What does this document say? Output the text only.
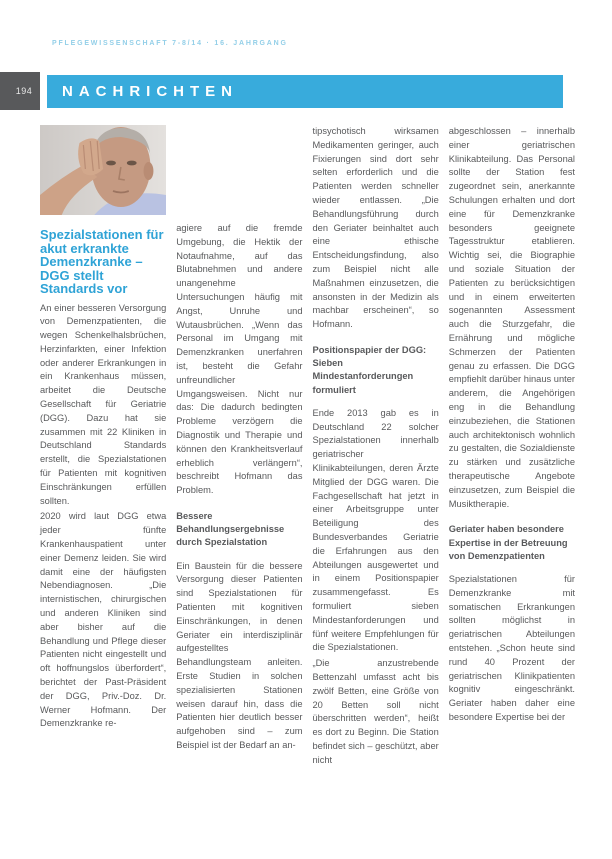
PFLEGEWISSENSCHAFT 7-8/14 · 16. JAHRGANG
194 NACHRICHTEN
Spezialstationen für akut erkrankte Demenzkranke – DGG stellt Standards vor

An einer besseren Versorgung von Demenzpatienten, die wegen Schenkelhalsbrüchen, Herzinfarkten, einer Infektion oder anderer Erkrankungen in ein Krankenhaus müssen, arbeitet die Deutsche Gesellschaft für Geriatrie (DGG). Dazu hat sie zusammen mit 22 Kliniken in Deutschland Standards erstellt, die Spezialstationen für Patienten mit kognitiven Einschränkungen erfüllen sollten.

2020 wird laut DGG etwa jeder fünfte Krankenhauspatient unter einer Demenz leiden. Sie wird damit eine der häufigsten Nebendiagnosen. „Die internistischen, chirurgischen und anderen Kliniken sind aber bisher auf die Behandlung und Pflege dieser Patienten nicht eingestellt und oft hoffnungslos überfordert“, berichtet der Past-Präsident der DGG, Priv.-Doz. Dr. Werner Hofmann. Der Demenzkranke re-

agiere auf die fremde Umgebung, die Hektik der Notaufnahme, auf das Blutabnehmen und andere unangenehme Untersuchungen häufig mit Angst, Unruhe und Wutausbrüchen. „Wenn das Personal im Umgang mit Demenzkranken unerfahren ist, besteht die Gefahr unfreundlicher Umgangsweisen. Nicht nur das: Die dadurch bedingten Probleme verzögern die Diagnostik und Therapie und können den Krankheitsverlauf erheblich verlängern“, beschreibt Hofmann das Problem.

Bessere Behandlungsergebnisse durch Spezialstation

Ein Baustein für die bessere Versorgung dieser Patienten sind Spezialstationen für Patienten mit kognitiven Einschränkungen, in denen Geriater ein interdisziplinär aufgestelltes Behandlungsteam anleiten. Erste Studien in solchen spezialisierten Stationen weisen darauf hin, dass die Patienten hier deutlich besser aufgehoben sind – zum Beispiel ist der Bedarf an an-

tipsychotisch wirksamen Medikamenten geringer, auch Fixierungen sind dort sehr selten erforderlich und die Patienten werden schneller wieder entlassen. „Die Behandlungsführung durch den Geriater beinhaltet auch eine ethische Entscheidungsfindung, also zum Beispiel nicht alle Maßnahmen einzusetzen, die ansonsten in der Medizin als machbar erscheinen“, so Hofmann.

Positionspapier der DGG: Sieben Mindestanforderungen formuliert

Ende 2013 gab es in Deutschland 22 solcher Spezialstationen innerhalb geriatrischer Klinikabteilungen, deren Ärzte Mitglied der DGG waren. Die Fachgesellschaft hat jetzt in einer Arbeitsgruppe unter Beteiligung des Bundesverbandes Geriatrie die Erfahrungen aus den Abteilungen ausgewertet und in einem Positionspapier zusammengefasst. Es formuliert sieben Mindestanforderungen und fünf weitere Empfehlungen für die Spezialstationen.

„Die anzustrebende Bettenzahl umfasst acht bis zwölf Betten, eine Größe von 20 Betten soll nicht überschritten werden“, heißt es dort zu Beginn. Die Station befindet sich – geschützt, aber nicht

abgeschlossen – innerhalb einer geriatrischen Klinikabteilung. Das Personal sollte der Station fest zugeordnet sein, anerkannte Schulungen erhalten und dort eine für Demenzkranke besonders geeignete Tagesstruktur etablieren. Wichtig sei, die Biographie und soziale Situation der Patienten zu berücksichtigen und in einem erweiterten sogenannten Assessment auch die Sturzgefahr, die Ernährung und mögliche Schmerzen der Patienten genau zu erfassen. Die DGG empfiehlt darüber hinaus unter anderem, die Angehörigen eng in die Behandlung einzubeziehen, die Stationen auch architektonisch wohnlich zu gestalten, die Sozialdienste zu stärken und zusätzliche therapeutische Angebote einzusetzen, zum Beispiel die Musiktherapie.

Geriater haben besondere Expertise in der Betreuung von Demenzpatienten

Spezialstationen für Demenzkranke mit somatischen Erkrankungen sollten möglichst in geriatrischen Abteilungen entstehen. „Schon heute sind rund 40 Prozent der geriatrischen Klinikpatienten kognitiv eingeschränkt. Geriater haben daher eine besondere Expertise bei der
